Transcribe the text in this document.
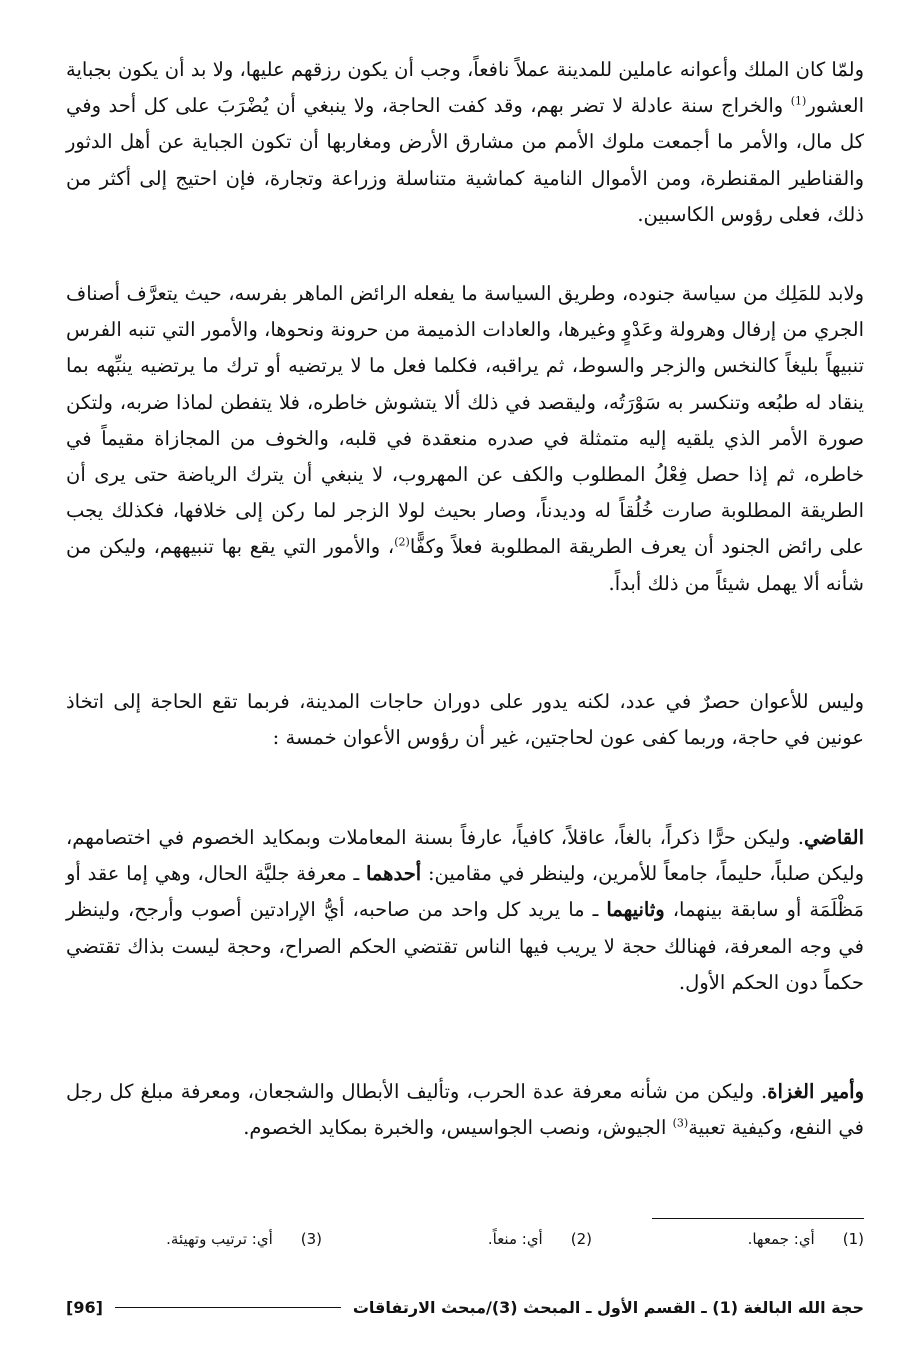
ولمّا كان الملك وأعوانه عاملين للمدينة عملاً نافعاً، وجب أن يكون رزقهم عليها، ولا بد أن يكون بجباية العشور$^{(1)}$ والخراج سنة عادلة لا تضر بهم، وقد كفت الحاجة، ولا ينبغي أن يُضْرَبَ على كل أحد وفي كل مال، والأمر ما أجمعت ملوك الأمم من مشارق الأرض ومغاربها أن تكون الجباية عن أهل الدثور والقناطير المقنطرة، ومن الأموال النامية كماشية متناسلة وزراعة وتجارة، فإن احتيج إلى أكثر من ذلك، فعلى رؤوس الكاسبين.

ولابد للمَلِك من سياسة جنوده، وطريق السياسة ما يفعله الرائض الماهر بفرسه، حيث يتعرَّف أصناف الجري من إرفال وهرولة وعَدْوٍ وغيرها، والعادات الذميمة من حرونة ونحوها، والأمور التي تنبه الفرس تنبيهاً بليغاً كالنخس والزجر والسوط، ثم يراقبه، فكلما فعل ما لا يرتضيه أو ترك ما يرتضيه ينبِّهه بما ينقاد له طبُعه وتنكسر به سَوْرَتُه، وليقصد في ذلك ألا يتشوش خاطره، فلا يتفطن لماذا ضربه، ولتكن صورة الأمر الذي يلقيه إليه متمثلة في صدره منعقدة في قلبه، والخوف من المجازاة مقيماً في خاطره، ثم إذا حصل فِعْلُ المطلوب والكف عن المهروب، لا ينبغي أن يترك الرياضة حتى يرى أن الطريقة المطلوبة صارت خُلُقاً له وديدناً، وصار بحيث لولا الزجر لما ركن إلى خلافها، فكذلك يجب على رائض الجنود أن يعرف الطريقة المطلوبة فعلاً وكفًّا$^{(2)}$، والأمور التي يقع بها تنبيههم، وليكن من شأنه ألا يهمل شيئاً من ذلك أبداً.

وليس للأعوان حصرٌ في عدد، لكنه يدور على دوران حاجات المدينة، فربما تقع الحاجة إلى اتخاذ عونين في حاجة، وربما كفى عون لحاجتين، غير أن رؤوس الأعوان خمسة :

القاضي. وليكن حرًّا ذكراً، بالغاً، عاقلاً، كافياً، عارفاً بسنة المعاملات وبمكايد الخصوم في اختصامهم، وليكن صلباً، حليماً، جامعاً للأمرين، ولينظر في مقامين: أحدهما ـ معرفة جليَّة الحال، وهي إما عقد أو مَظْلَمَة أو سابقة بينهما، وثانيهما ـ ما يريد كل واحد من صاحبه، أيُّ الإرادتين أصوب وأرجح، ولينظر في وجه المعرفة، فهنالك حجة لا يريب فيها الناس تقتضي الحكم الصراح، وحجة ليست بذاك تقتضي حكماً دون الحكم الأول.

وأمير الغزاة. وليكن من شأنه معرفة عدة الحرب، وتأليف الأبطال والشجعان، ومعرفة مبلغ كل رجل في النفع، وكيفية تعبية$^{(3)}$ الجيوش، ونصب الجواسيس، والخبرة بمكايد الخصوم.

(1)أي: جمعها.
(2)أي: منعاً.
(3)أي: ترتيب وتهيئة.
حجة الله البالغة (1) ـ القسم الأول ـ المبحث (3)/مبحث الارتفاقات
[96]
